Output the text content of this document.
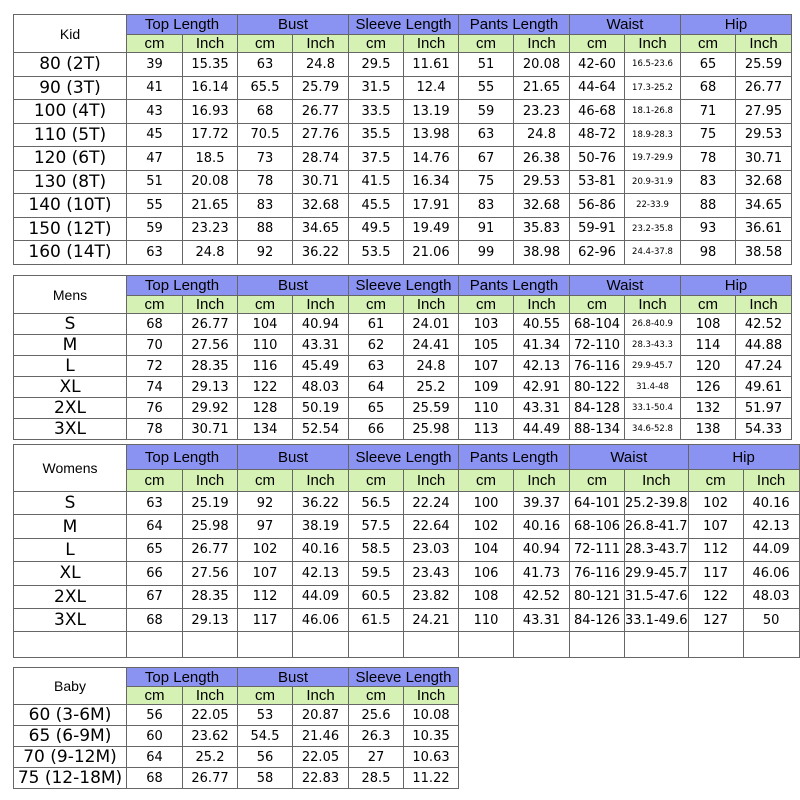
Kid	Top Length		Bust		Sleeve Length		Pants Length		Waist		Hip	
	cm	Inch	cm	Inch	cm	Inch	cm	Inch	cm	Inch	cm	Inch
80 (2T)	39	15.35	63	24.8	29.5	11.61	51	20.08	42-60	16.5-23.6	65	25.59
90 (3T)	41	16.14	65.5	25.79	31.5	12.4	55	21.65	44-64	17.3-25.2	68	26.77
100 (4T)	43	16.93	68	26.77	33.5	13.19	59	23.23	46-68	18.1-26.8	71	27.95
110 (5T)	45	17.72	70.5	27.76	35.5	13.98	63	24.8	48-72	18.9-28.3	75	29.53
120 (6T)	47	18.5	73	28.74	37.5	14.76	67	26.38	50-76	19.7-29.9	78	30.71
130 (8T)	51	20.08	78	30.71	41.5	16.34	75	29.53	53-81	20.9-31.9	83	32.68
140 (10T)	55	21.65	83	32.68	45.5	17.91	83	32.68	56-86	22-33.9	88	34.65
150 (12T)	59	23.23	88	34.65	49.5	19.49	91	35.83	59-91	23.2-35.8	93	36.61
160 (14T)	63	24.8	92	36.22	53.5	21.06	99	38.98	62-96	24.4-37.8	98	38.58
Mens	Top Length		Bust		Sleeve Length		Pants Length		Waist		Hip	
	cm	Inch	cm	Inch	cm	Inch	cm	Inch	cm	Inch	cm	Inch
S	68	26.77	104	40.94	61	24.01	103	40.55	68-104	26.8-40.9	108	42.52
M	70	27.56	110	43.31	62	24.41	105	41.34	72-110	28.3-43.3	114	44.88
L	72	28.35	116	45.49	63	24.8	107	42.13	76-116	29.9-45.7	120	47.24
XL	74	29.13	122	48.03	64	25.2	109	42.91	80-122	31.4-48	126	49.61
2XL	76	29.92	128	50.19	65	25.59	110	43.31	84-128	33.1-50.4	132	51.97
3XL	78	30.71	134	52.54	66	25.98	113	44.49	88-134	34.6-52.8	138	54.33
Womens	Top Length		Bust		Sleeve Length		Pants Length		Waist		Hip	
	cm	Inch	cm	Inch	cm	Inch	cm	Inch	cm	Inch	cm	Inch
S	63	25.19	92	36.22	56.5	22.24	100	39.37	64-101	25.2-39.8	102	40.16
M	64	25.98	97	38.19	57.5	22.64	102	40.16	68-106	26.8-41.7	107	42.13
L	65	26.77	102	40.16	58.5	23.03	104	40.94	72-111	28.3-43.7	112	44.09
XL	66	27.56	107	42.13	59.5	23.43	106	41.73	76-116	29.9-45.7	117	46.06
2XL	67	28.35	112	44.09	60.5	23.82	108	42.52	80-121	31.5-47.6	122	48.03
3XL	68	29.13	117	46.06	61.5	24.21	110	43.31	84-126	33.1-49.6	127	50

Baby	Top Length		Bust		Sleeve Length	
	cm	Inch	cm	Inch	cm	Inch
60 (3-6M)	56	22.05	53	20.87	25.6	10.08
65 (6-9M)	60	23.62	54.5	21.46	26.3	10.35
70 (9-12M)	64	25.2	56	22.05	27	10.63
75 (12-18M)	68	26.77	58	22.83	28.5	11.22
